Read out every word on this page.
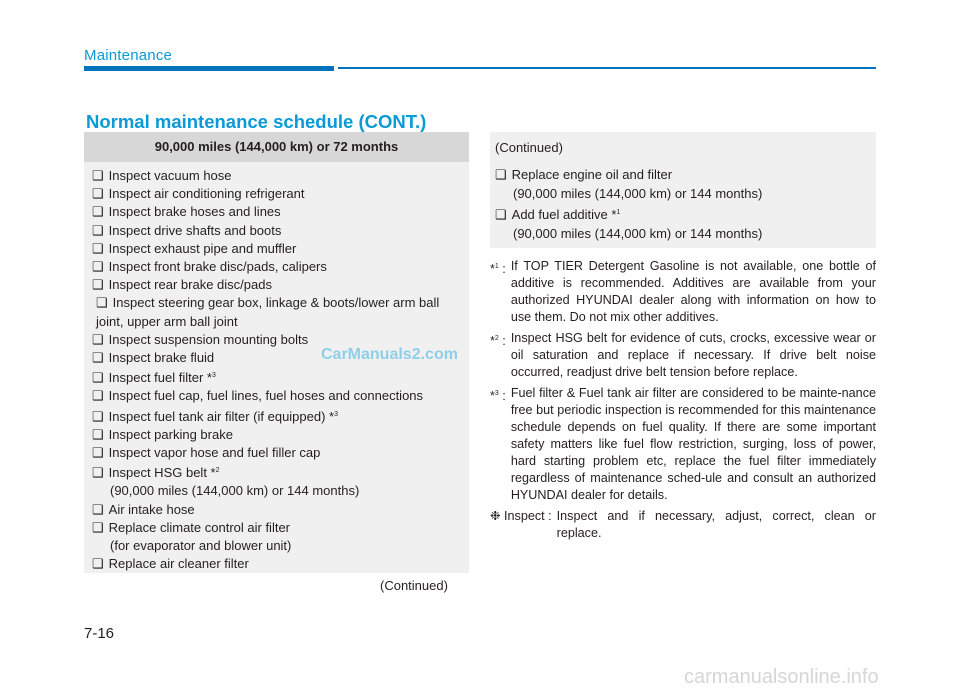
Maintenance
Normal maintenance schedule (CONT.)
90,000 miles (144,000 km) or 72 months
❑ Inspect vacuum hose
❑ Inspect air conditioning refrigerant
❑ Inspect brake hoses and lines
❑ Inspect drive shafts and boots
❑ Inspect exhaust pipe and muffler
❑ Inspect front brake disc/pads, calipers
❑ Inspect rear brake disc/pads
❑ Inspect steering gear box, linkage & boots/lower arm ball joint, upper arm ball joint
❑ Inspect suspension mounting bolts
❑ Inspect brake fluid
❑ Inspect fuel filter *$^3$
❑ Inspect fuel cap, fuel lines, fuel hoses and connections
❑ Inspect fuel tank air filter (if equipped) *$^3$
❑ Inspect parking brake
❑ Inspect vapor hose and fuel filler cap
❑ Inspect HSG belt *$^2$
(90,000 miles (144,000 km) or 144 months)
❑ Air intake hose
❑ Replace climate control air filter
(for evaporator and blower unit)
❑ Replace air cleaner filter
(Continued)
(Continued)
❑ Replace engine oil and filter
(90,000 miles (144,000 km) or 144 months)
❑ Add fuel additive *$^1$
(90,000 miles (144,000 km) or 144 months)
*$^1$ : If TOP TIER Detergent Gasoline is not available, one bottle of additive is recommended. Additives are available from your authorized HYUNDAI dealer along with information on how to use them. Do not mix other additives.
*$^2$ : Inspect HSG belt for evidence of cuts, crocks, excessive wear or oil saturation and replace if necessary. If drive belt noise occurred, readjust drive belt tension before replace.
*$^3$ : Fuel filter & Fuel tank air filter are considered to be mainte-nance free but periodic inspection is recommended for this maintenance schedule depends on fuel quality. If there are some important safety matters like fuel flow restriction, surging, loss of power, hard starting problem etc, replace the fuel filter immediately regardless of maintenance sched-ule and consult an authorized HYUNDAI dealer for details.
❉ Inspect : Inspect and if necessary, adjust, correct, clean or replace.
CarManuals2.com
7-16
carmanualsonline.info
